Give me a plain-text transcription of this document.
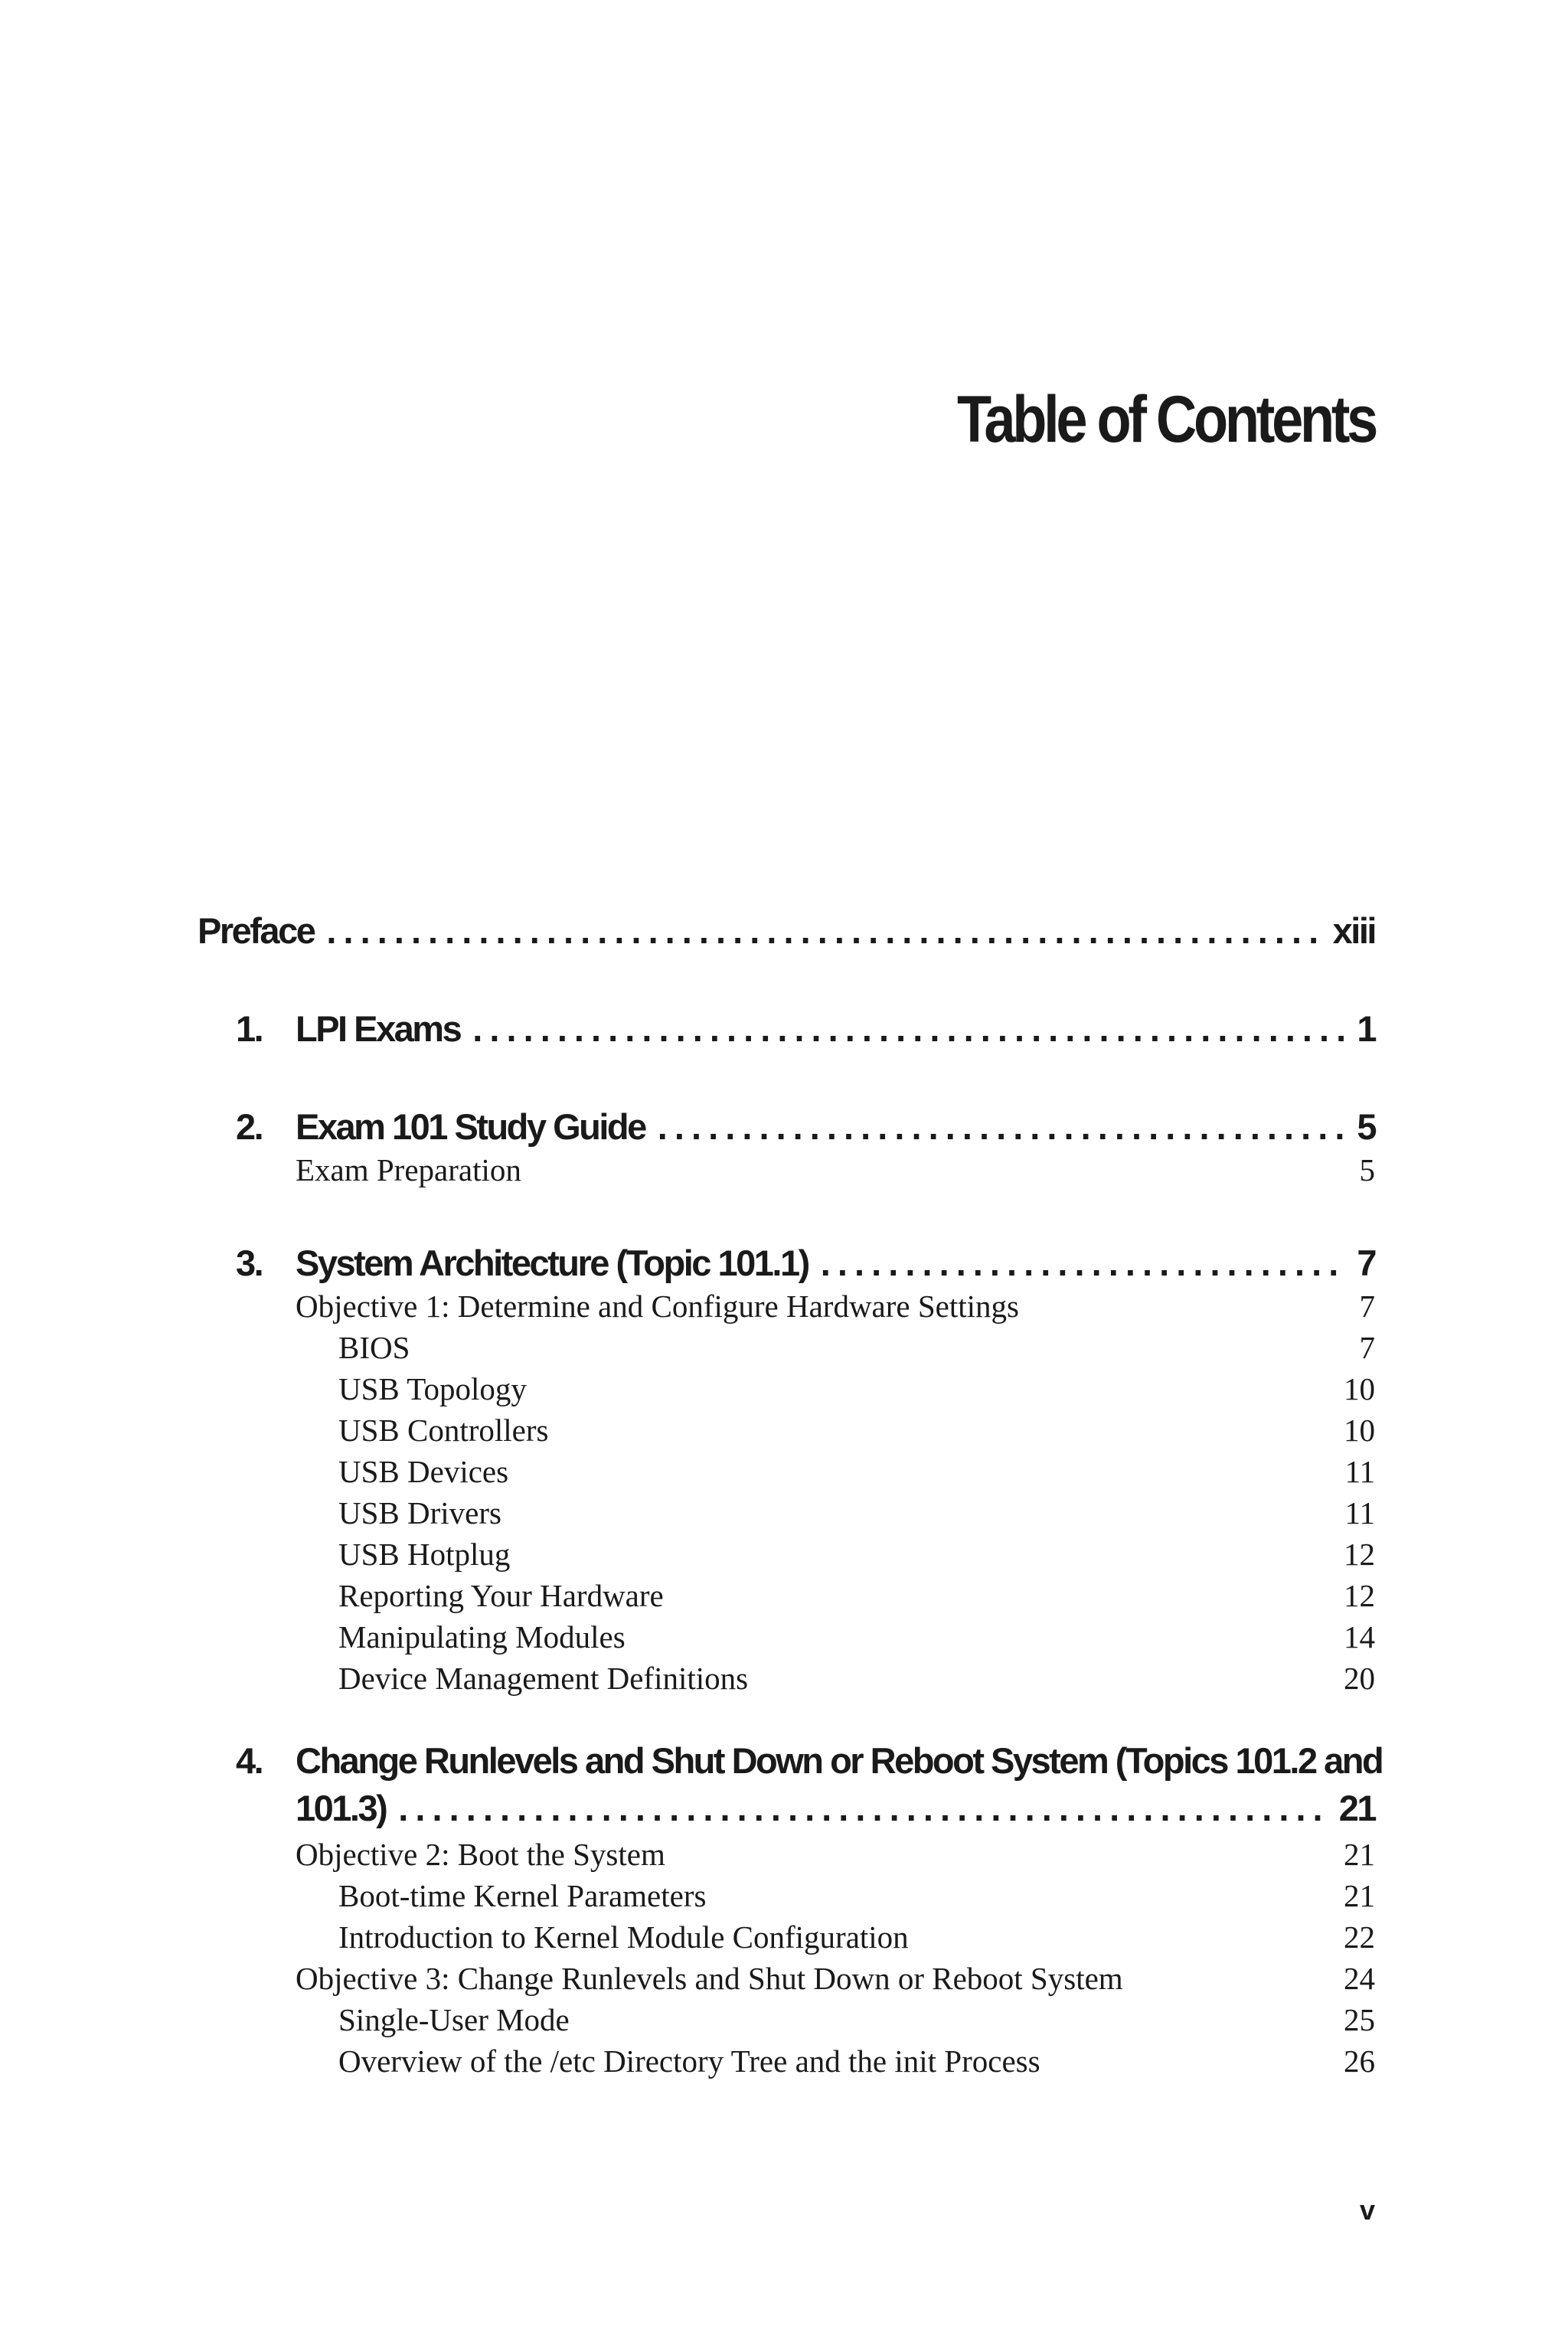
Table of Contents
Preface . . .	xiii
1. LPI Exams . . .	1
2. Exam 101 Study Guide . . .	5
Exam Preparation	5
3. System Architecture (Topic 101.1) . . .	7
Objective 1: Determine and Configure Hardware Settings	7
BIOS	7
USB Topology	10
USB Controllers	10
USB Devices	11
USB Drivers	11
USB Hotplug	12
Reporting Your Hardware	12
Manipulating Modules	14
Device Management Definitions	20
4. Change Runlevels and Shut Down or Reboot System (Topics 101.2 and
101.3) . . .	21
Objective 2: Boot the System	21
Boot-time Kernel Parameters	21
Introduction to Kernel Module Configuration	22
Objective 3: Change Runlevels and Shut Down or Reboot System	24
Single-User Mode	25
Overview of the /etc Directory Tree and the init Process	26
v
